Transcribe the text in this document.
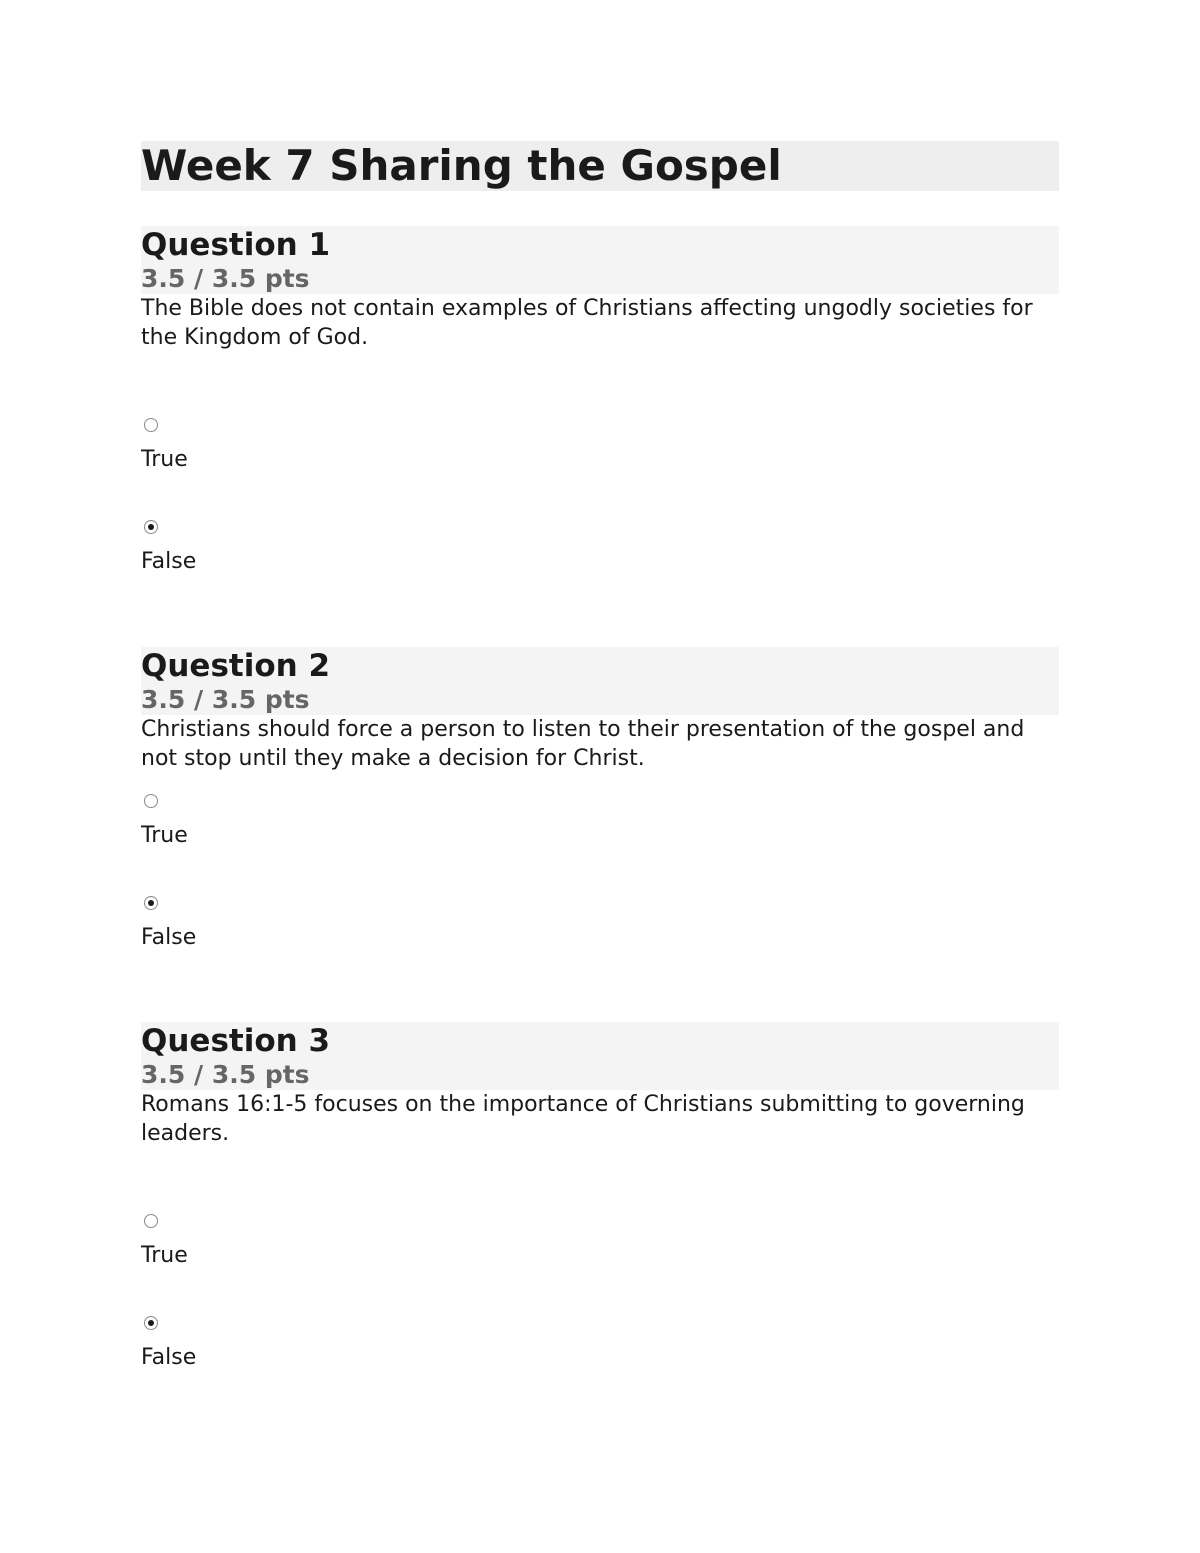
Week 7 Sharing the Gospel
Question 1
3.5 / 3.5 pts

The Bible does not contain examples of Christians affecting ungodly societies for the Kingdom of God.

True
False
Question 2
3.5 / 3.5 pts

Christians should force a person to listen to their presentation of the gospel and not stop until they make a decision for Christ.

True
False
Question 3
3.5 / 3.5 pts

Romans 16:1-5 focuses on the importance of Christians submitting to governing leaders.

True
False
